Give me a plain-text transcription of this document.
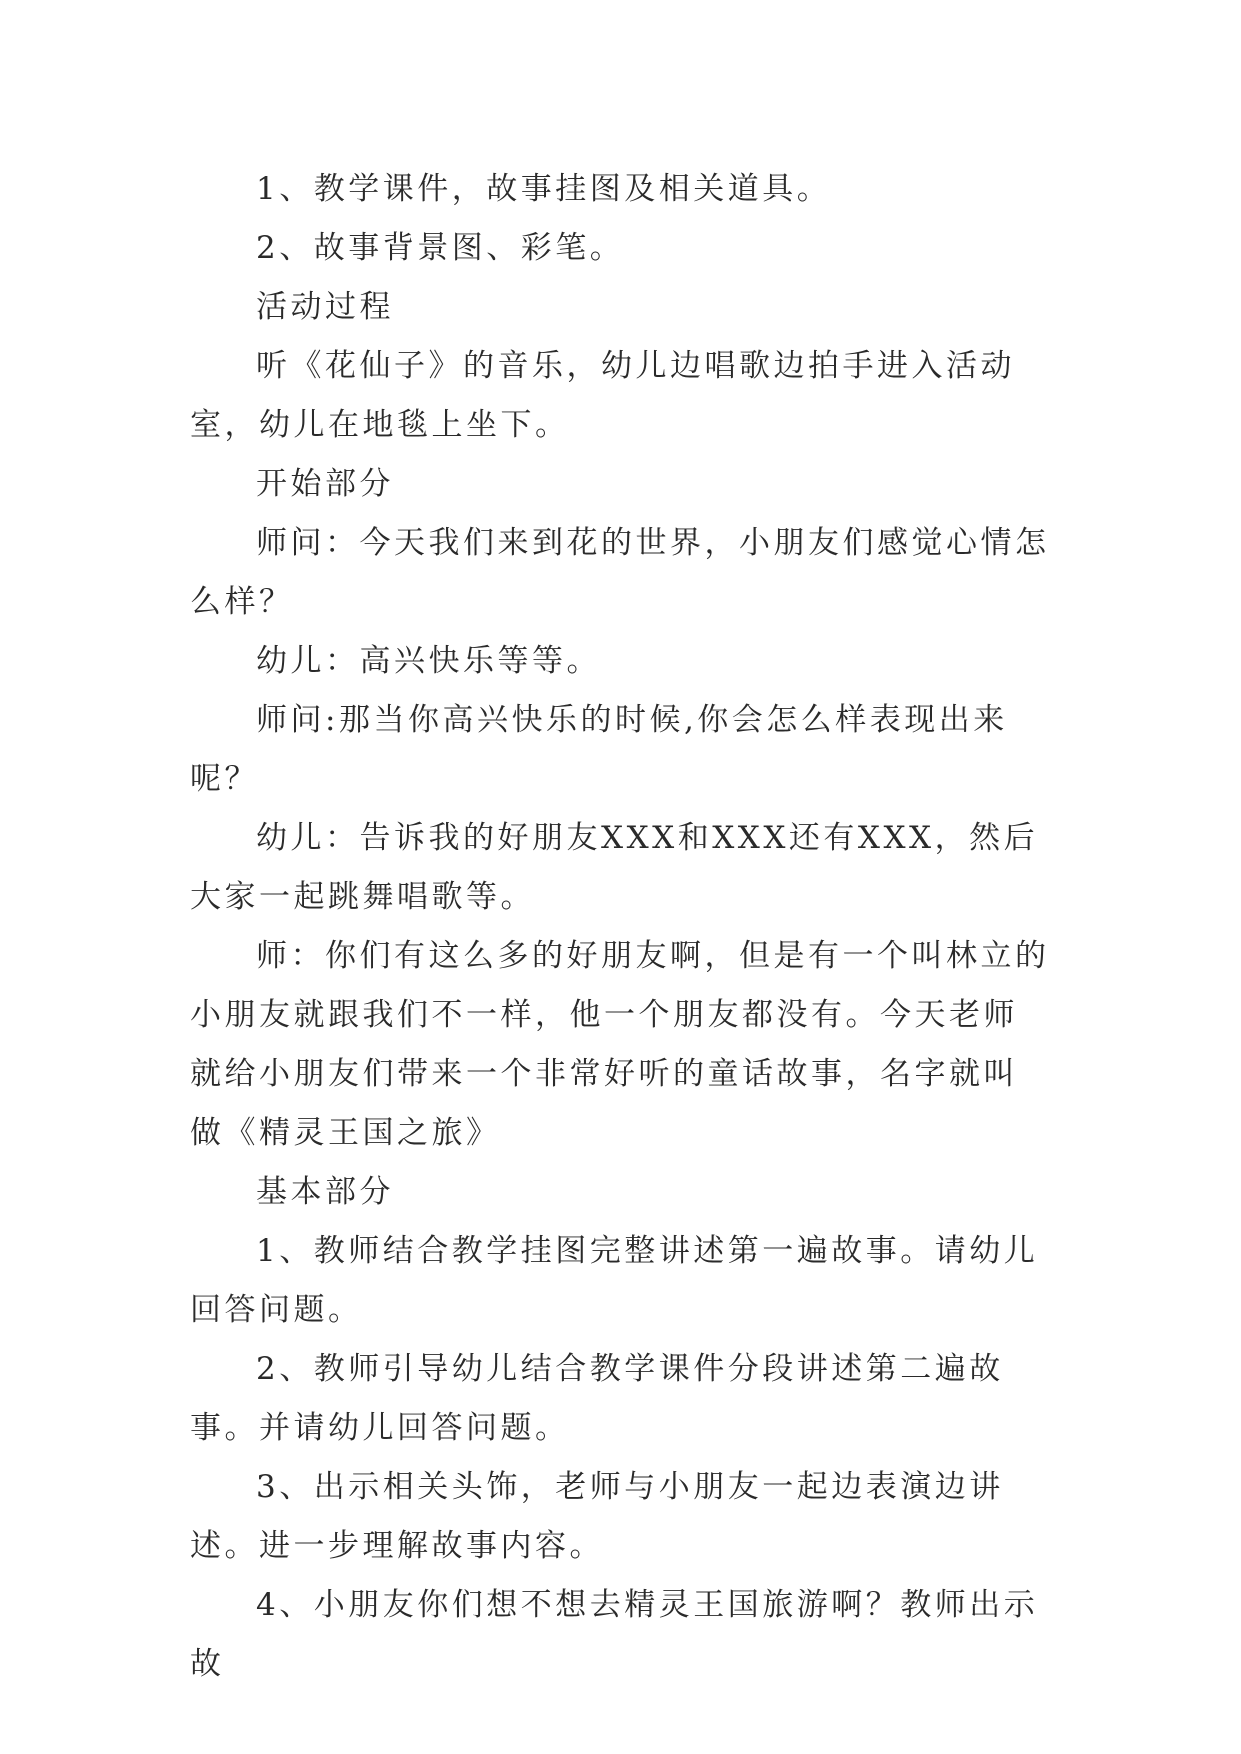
1、教学课件，故事挂图及相关道具。

2、故事背景图、彩笔。

活动过程

听《花仙子》的音乐，幼儿边唱歌边拍手进入活动室，幼儿在地毯上坐下。

开始部分

师问：今天我们来到花的世界，小朋友们感觉心情怎么样？

幼儿：高兴快乐等等。

师问:那当你高兴快乐的时候,你会怎么样表现出来呢？

幼儿：告诉我的好朋友XXX和XXX还有XXX，然后大家一起跳舞唱歌等。

师：你们有这么多的好朋友啊，但是有一个叫林立的小朋友就跟我们不一样，他一个朋友都没有。今天老师就给小朋友们带来一个非常好听的童话故事，名字就叫做《精灵王国之旅》

基本部分

1、教师结合教学挂图完整讲述第一遍故事。请幼儿回答问题。

2、教师引导幼儿结合教学课件分段讲述第二遍故事。并请幼儿回答问题。

3、出示相关头饰，老师与小朋友一起边表演边讲述。进一步理解故事内容。

4、小朋友你们想不想去精灵王国旅游啊？教师出示故
